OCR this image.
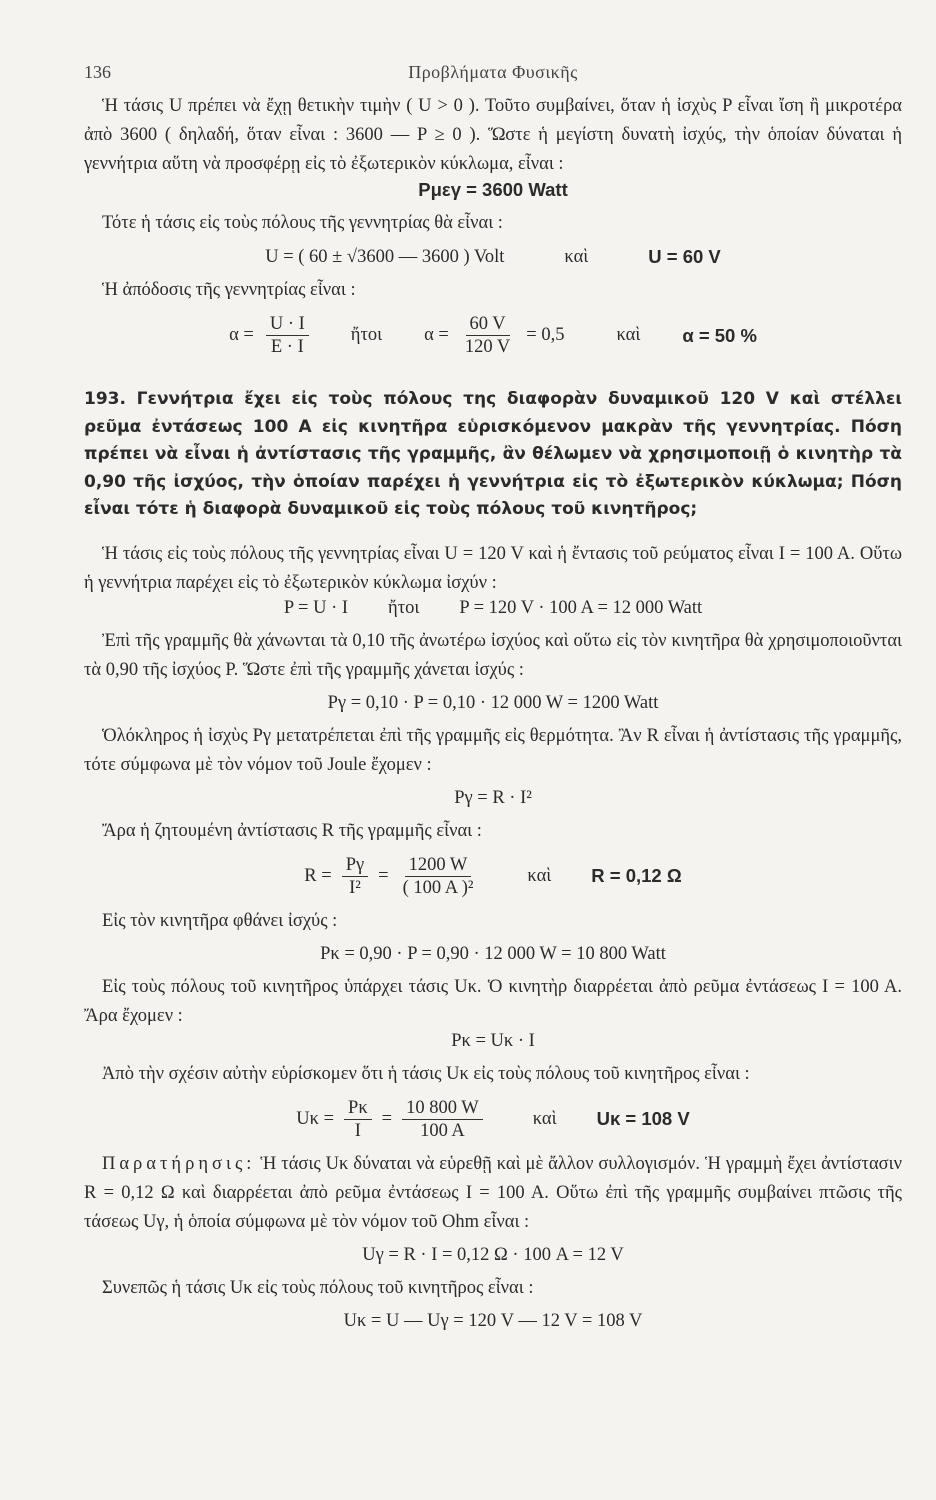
136	Προβλήματα Φυσικῆς

Ἡ τάσις U πρέπει νὰ ἔχῃ θετικὴν τιμὴν ( U > 0 ). Τοῦτο συμβαίνει, ὅταν ἡ ἰσχὺς P εἶναι ἴση ἢ μικροτέρα ἀπὸ 3600 ( δηλαδή, ὅταν εἶναι : 3600 — P ≥ 0 ). Ὥστε ἡ μεγίστη δυνατὴ ἰσχύς, τὴν ὁποίαν δύναται ἡ γεννήτρια αὕτη νὰ προσφέρῃ εἰς τὸ ἐξωτερικὸν κύκλωμα, εἶναι :

Pμεγ = 3600 Watt

Τότε ἡ τάσις εἰς τοὺς πόλους τῆς γεννητρίας θὰ εἶναι :

U = ( 60 ± √3600 — 3600 ) Volt	καὶ	U = 60 V

Ἡ ἀπόδοσις τῆς γεννητρίας εἶναι :

$\alpha = \frac{U \cdot I}{E \cdot I}$ ἤτοι $\alpha = \frac{60 V}{120 V} = 0,5$	καὶ α = 50 %

193. Γεννήτρια ἔχει εἰς τοὺς πόλους της διαφορὰν δυναμικοῦ 120 V καὶ στέλλει ρεῦμα ἐντάσεως 100 A εἰς κινητῆρα εὑρισκόμενον μακρὰν τῆς γεννητρίας. Πόση πρέπει νὰ εἶναι ἡ ἀντίστασις τῆς γραμμῆς, ἂν θέλωμεν νὰ χρησιμοποιῇ ὁ κινητὴρ τὰ 0,90 τῆς ἰσχύος, τὴν ὁποίαν παρέχει ἡ γεννήτρια εἰς τὸ ἐξωτερικὸν κύκλωμα; Πόση εἶναι τότε ἡ διαφορὰ δυναμικοῦ εἰς τοὺς πόλους τοῦ κινητῆρος;

Ἡ τάσις εἰς τοὺς πόλους τῆς γεννητρίας εἶναι U = 120 V καὶ ἡ ἔντασις τοῦ ρεύματος εἶναι I = 100 A. Οὕτω ἡ γεννήτρια παρέχει εἰς τὸ ἐξωτερικὸν κύκλωμα ἰσχύν :

P = U · I ἤτοι P = 120 V · 100 A = 12 000 Watt

Ἐπὶ τῆς γραμμῆς θὰ χάνωνται τὰ 0,10 τῆς ἀνωτέρω ἰσχύος καὶ οὕτω εἰς τὸν κινητῆρα θὰ χρησιμοποιοῦνται τὰ 0,90 τῆς ἰσχύος P. Ὥστε ἐπὶ τῆς γραμμῆς χάνεται ἰσχύς :

Pγ = 0,10 · P = 0,10 · 12 000 W = 1200 Watt

Ὁλόκληρος ἡ ἰσχὺς Pγ μετατρέπεται ἐπὶ τῆς γραμμῆς εἰς θερμότητα. Ἂν R εἶναι ἡ ἀντίστασις τῆς γραμμῆς, τότε σύμφωνα μὲ τὸν νόμον τοῦ Joule ἔχομεν :

Pγ = R · I²

Ἄρα ἡ ζητουμένη ἀντίστασις R τῆς γραμμῆς εἶναι :

$R = \frac{P\gamma}{\text{I²}} = \frac{1200 W}{\text{( 100 A )²}}$	καὶ R = 0,12 Ω

Εἰς τὸν κινητῆρα φθάνει ἰσχύς :

Pκ = 0,90 · P = 0,90 · 12 000 W = 10 800 Watt

Εἰς τοὺς πόλους τοῦ κινητῆρος ὑπάρχει τάσις Uκ. Ὁ κινητὴρ διαρρέεται ἀπὸ ρεῦμα ἐντάσεως I = 100 A. Ἄρα ἔχομεν :

Pκ = Uκ · I

Ἀπὸ τὴν σχέσιν αὐτὴν εὑρίσκομεν ὅτι ἡ τάσις Uκ εἰς τοὺς πόλους τοῦ κινητῆρος εἶναι :

$U\kappa = \frac{P\kappa}{I} = \frac{10 800 W}{100 A}$	καὶ Uκ = 108 V

Παρατήρησις: Ἡ τάσις Uκ δύναται νὰ εὑρεθῇ καὶ μὲ ἄλλον συλλογισμόν. Ἡ γραμμὴ ἔχει ἀντίστασιν R = 0,12 Ω καὶ διαρρέεται ἀπὸ ρεῦμα ἐντάσεως I = 100 A. Οὕτω ἐπὶ τῆς γραμμῆς συμβαίνει πτῶσις τῆς τάσεως Uγ, ἡ ὁποία σύμφωνα μὲ τὸν νόμον τοῦ Ohm εἶναι :

Uγ = R · I = 0,12 Ω · 100 A = 12 V

Συνεπῶς ἡ τάσις Uκ εἰς τοὺς πόλους τοῦ κινητῆρος εἶναι :

Uκ = U — Uγ = 120 V — 12 V = 108 V
